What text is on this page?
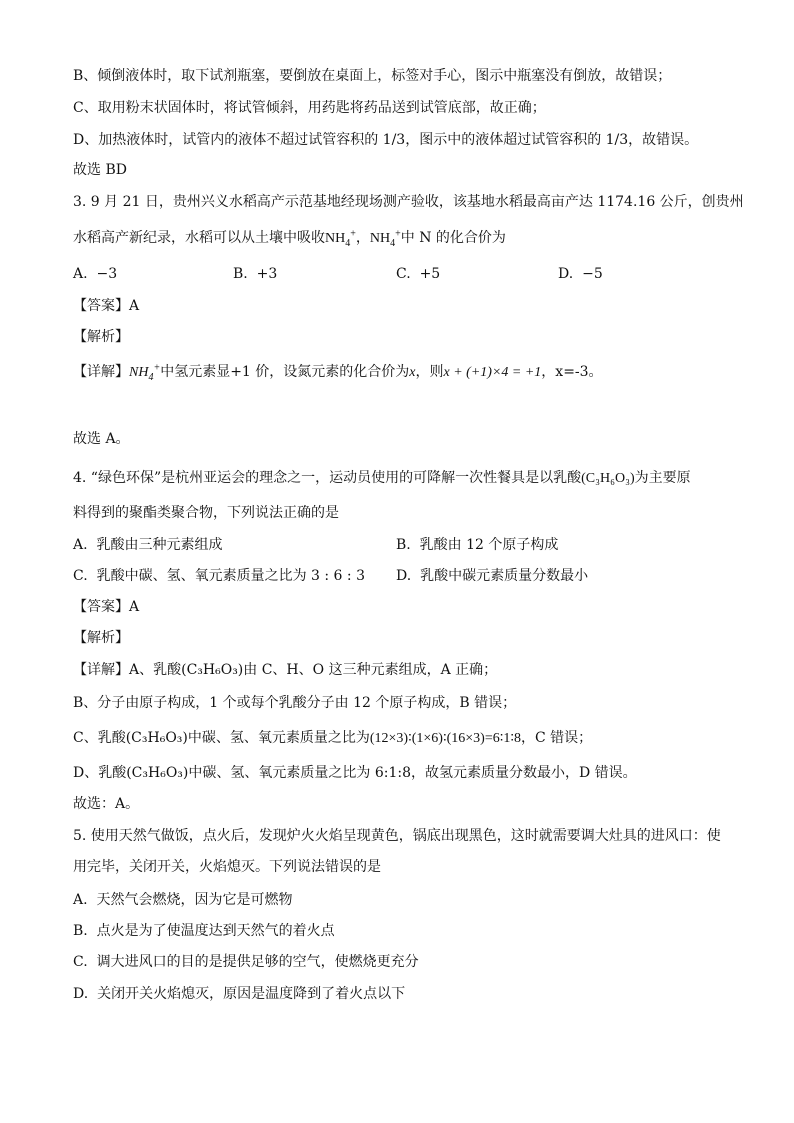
B、倾倒液体时，取下试剂瓶塞，要倒放在桌面上，标签对手心，图示中瓶塞没有倒放，故错误；
C、取用粉末状固体时，将试管倾斜，用药匙将药品送到试管底部，故正确；
D、加热液体时，试管内的液体不超过试管容积的 1/3，图示中的液体超过试管容积的 1/3，故错误。
故选 BD
3. 9 月 21 日，贵州兴义水稻高产示范基地经现场测产验收，该基地水稻最高亩产达 1174.16 公斤，创贵州
水稻高产新纪录，水稻可以从土壤中吸收$NH_4^+$，$NH_4^+$中 N 的化合价为
A. −3	B. +3	C. +5	D. −5
【答案】A
【解析】
【详解】$NH_4^+$中氢元素显+1 价，设氮元素的化合价为x，则x + (+1)×4 = +1，x=-3。
故选 A。
4. “绿色环保”是杭州亚运会的理念之一，运动员使用的可降解一次性餐具是以乳酸(C₃H₆O₃)为主要原
料得到的聚酯类聚合物，下列说法正确的是
A. 乳酸由三种元素组成	B. 乳酸由 12 个原子构成
C. 乳酸中碳、氢、氧元素质量之比为 3 : 6 : 3 D. 乳酸中碳元素质量分数最小
【答案】A
【解析】
【详解】A、乳酸(C₃H₆O₃)由 C、H、O 这三种元素组成，A 正确；
B、分子由原子构成，1 个或每个乳酸分子由 12 个原子构成，B 错误；
C、乳酸(C₃H₆O₃)中碳、氢、氧元素质量之比为(12×3)∶(1×6)∶(16×3)=6∶1∶8，C 错误；
D、乳酸(C₃H₆O₃)中碳、氢、氧元素质量之比为 6:1:8，故氢元素质量分数最小，D 错误。
故选：A。
5. 使用天然气做饭，点火后，发现炉火火焰呈现黄色，锅底出现黑色，这时就需要调大灶具的进风口：使
用完毕，关闭开关，火焰熄灭。下列说法错误的是
A. 天然气会燃烧，因为它是可燃物
B. 点火是为了使温度达到天然气的着火点
C. 调大进风口的目的是提供足够的空气，使燃烧更充分
D. 关闭开关火焰熄灭，原因是温度降到了着火点以下
